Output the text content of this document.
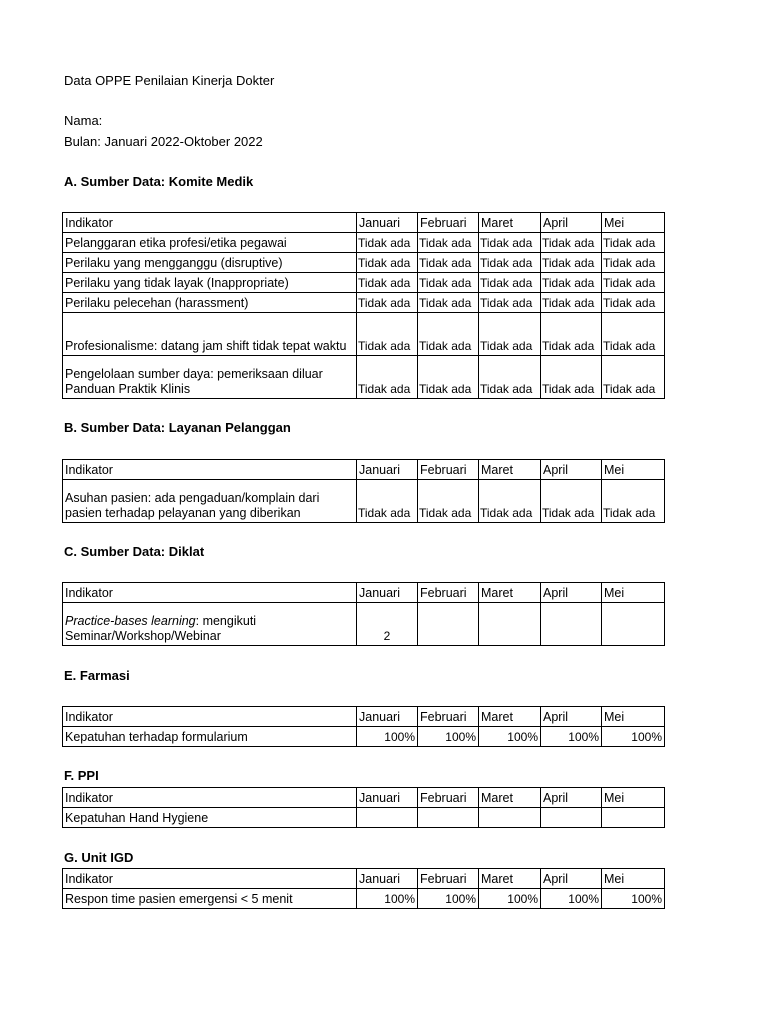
Data OPPE Penilaian Kinerja Dokter
Nama:
Bulan: Januari 2022-Oktober 2022
A. Sumber Data: Komite Medik
Indikator	Januari	Februari	Maret	April	Mei
Pelanggaran etika profesi/etika pegawai	Tidak ada	Tidak ada	Tidak ada	Tidak ada	Tidak ada
Perilaku yang mengganggu (disruptive)	Tidak ada	Tidak ada	Tidak ada	Tidak ada	Tidak ada
Perilaku yang tidak layak (Inappropriate)	Tidak ada	Tidak ada	Tidak ada	Tidak ada	Tidak ada
Perilaku pelecehan (harassment)	Tidak ada	Tidak ada	Tidak ada	Tidak ada	Tidak ada
Profesionalisme: datang jam shift tidak tepat waktu	Tidak ada	Tidak ada	Tidak ada	Tidak ada	Tidak ada
Pengelolaan sumber daya: pemeriksaan diluar Panduan Praktik Klinis	Tidak ada	Tidak ada	Tidak ada	Tidak ada	Tidak ada
B. Sumber Data: Layanan Pelanggan
Indikator	Januari	Februari	Maret	April	Mei
Asuhan pasien: ada pengaduan/komplain dari pasien terhadap pelayanan yang diberikan	Tidak ada	Tidak ada	Tidak ada	Tidak ada	Tidak ada
C. Sumber Data: Diklat
Indikator	Januari	Februari	Maret	April	Mei
Practice-bases learning: mengikuti Seminar/Workshop/Webinar	2				
E. Farmasi
Indikator	Januari	Februari	Maret	April	Mei
Kepatuhan terhadap formularium	100%	100%	100%	100%	100%
F. PPI
Indikator	Januari	Februari	Maret	April	Mei
Kepatuhan Hand Hygiene					
G. Unit IGD
Indikator	Januari	Februari	Maret	April	Mei
Respon time pasien emergensi < 5 menit	100%	100%	100%	100%	100%
